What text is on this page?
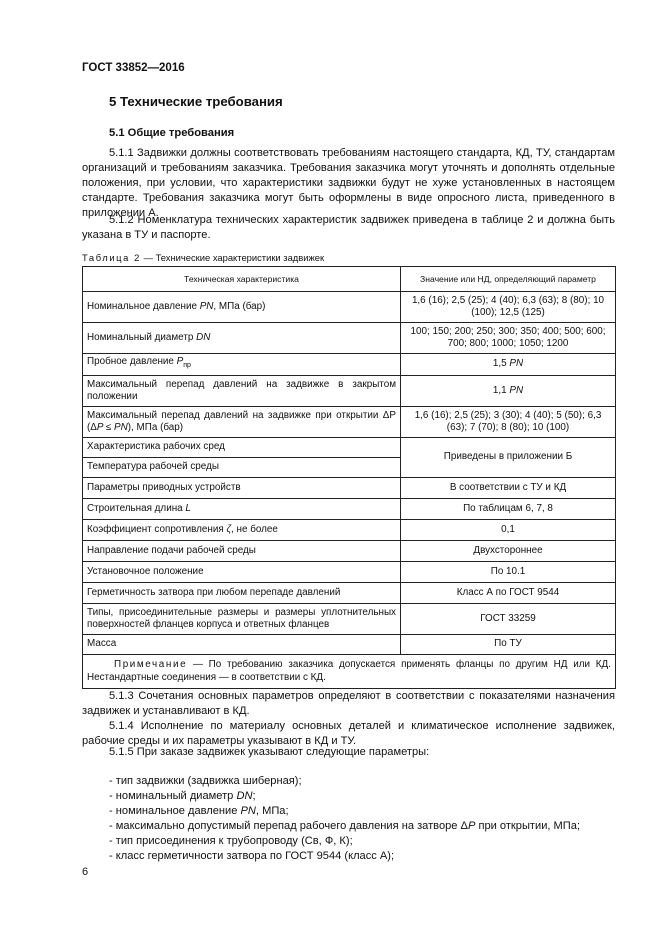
ГОСТ 33852—2016
5 Технические требования
5.1 Общие требования

5.1.1 Задвижки должны соответствовать требованиям настоящего стандарта, КД, ТУ, стандартам организаций и требованиям заказчика. Требования заказчика могут уточнять и дополнять отдельные положения, при условии, что характеристики задвижки будут не хуже установленных в настоящем стандарте. Требования заказчика могут быть оформлены в виде опросного листа, приведенного в приложении А.

5.1.2 Номенклатура технических характеристик задвижек приведена в таблице 2 и должна быть указана в ТУ и паспорте.

Таблица 2 — Технические характеристики задвижек
Техническая характеристика	Значение или НД, определяющий параметр
Номинальное давление PN, МПа (бар)	1,6 (16); 2,5 (25); 4 (40); 6,3 (63); 8 (80); 10 (100); 12,5 (125)
Номинальный диаметр DN	100; 150; 200; 250; 300; 350; 400; 500; 600; 700; 800; 1000; 1050; 1200
Пробное давление $P_{пр}$	1,5 PN
Максимальный перепад давлений на задвижке в закрытом положении	1,1 PN
Максимальный перепад давлений на задвижке при открытии ΔP (ΔP ≤ PN), МПа (бар)	1,6 (16); 2,5 (25); 3 (30); 4 (40); 5 (50); 6,3 (63); 7 (70); 8 (80); 10 (100)
Характеристика рабочих сред	Приведены в приложении Б
Температура рабочей среды	
Параметры приводных устройств	В соответствии с ТУ и КД
Строительная длина L	По таблицам 6, 7, 8
Коэффициент сопротивления ζ, не более	0,1
Направление подачи рабочей среды	Двухстороннее
Установочное положение	По 10.1
Герметичность затвора при любом перепаде давлений	Класс А по ГОСТ 9544
Типы, присоединительные размеры и размеры уплотнительных поверхностей фланцев корпуса и ответных фланцев	ГОСТ 33259
Масса	По ТУ
Примечание — По требованию заказчика допускается применять фланцы по другим НД или КД. Нестандартные соединения — в соответствии с КД.	

5.1.3 Сочетания основных параметров определяют в соответствии с показателями назначения задвижек и устанавливают в КД.

5.1.4 Исполнение по материалу основных деталей и климатическое исполнение задвижек, рабочие среды и их параметры указывают в КД и ТУ.

5.1.5 При заказе задвижек указывают следующие параметры:

- тип задвижки (задвижка шиберная);
- номинальный диаметр DN;
- номинальное давление PN, МПа;
- максимально допустимый перепад рабочего давления на затворе ΔP при открытии, МПа;
- тип присоединения к трубопроводу (Св, Ф, К);
- класс герметичности затвора по ГОСТ 9544 (класс А);
6
